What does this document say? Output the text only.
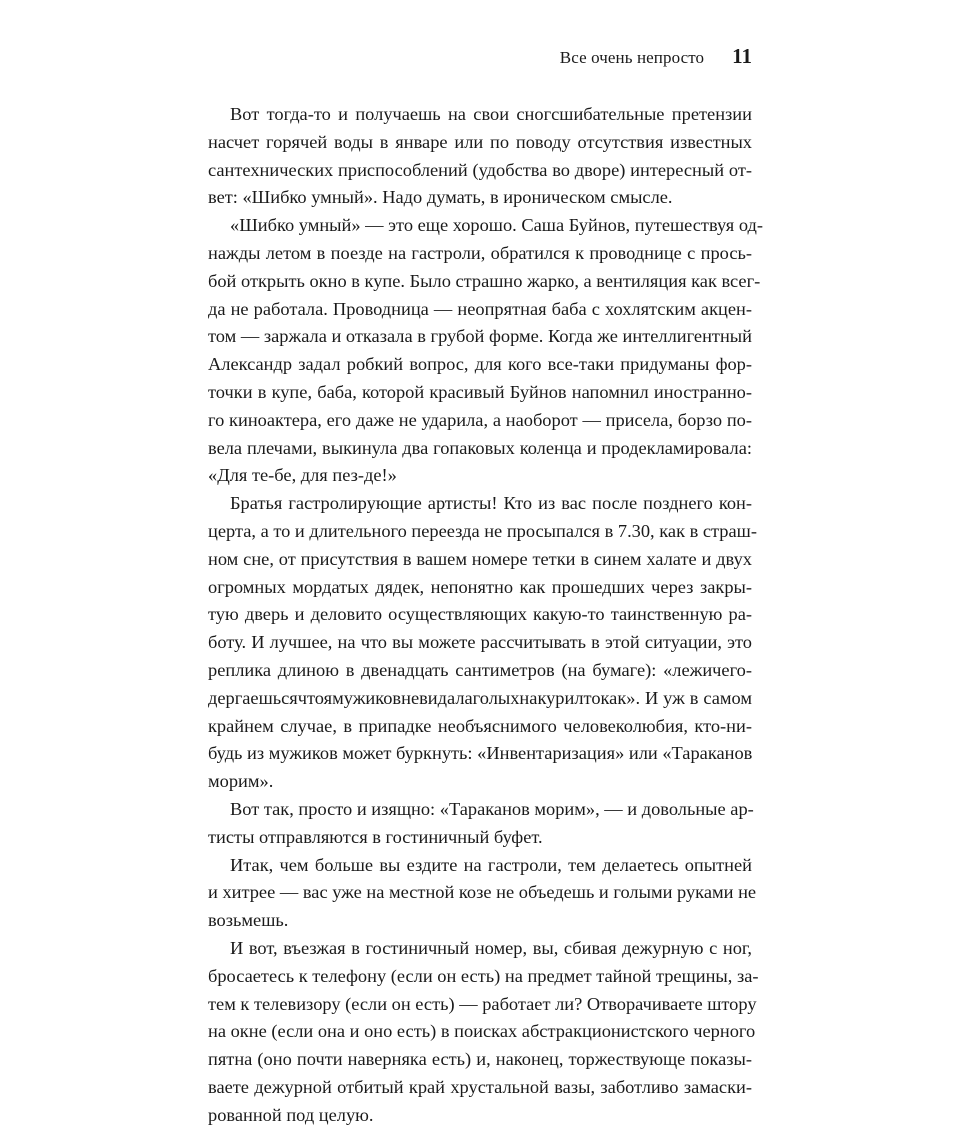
Все очень непросто 11
Вот тогда-то и получаешь на свои сногсшибательные претензии
насчет горячей воды в январе или по поводу отсутствия известных
сантехнических приспособлений (удобства во дворе) интересный от-
вет: «Шибко умный». Надо думать, в ироническом смысле.
«Шибко умный» — это еще хорошо. Саша Буйнов, путешествуя од-
нажды летом в поезде на гастроли, обратился к проводнице с прось-
бой открыть окно в купе. Было страшно жарко, а вентиляция как всег-
да не работала. Проводница — неопрятная баба с хохлятским акцен-
том — заржала и отказала в грубой форме. Когда же интеллигентный
Александр задал робкий вопрос, для кого все-таки придуманы фор-
точки в купе, баба, которой красивый Буйнов напомнил иностранно-
го киноактера, его даже не ударила, а наоборот — присела, борзо по-
вела плечами, выкинула два гопаковых коленца и продекламировала:
«Для те-бе, для пез-де!»
Братья гастролирующие артисты! Кто из вас после позднего кон-
церта, а то и длительного переезда не просыпался в 7.30, как в страш-
ном сне, от присутствия в вашем номере тетки в синем халате и двух
огромных мордатых дядек, непонятно как прошедших через закры-
тую дверь и деловито осуществляющих какую-то таинственную ра-
боту. И лучшее, на что вы можете рассчитывать в этой ситуации, это
реплика длиною в двенадцать сантиметров (на бумаге): «лежичего-
дергаешьсячтоямужиковневидалаголыхнакурилтокак». И уж в самом
крайнем случае, в припадке необъяснимого человеколюбия, кто-ни-
будь из мужиков может буркнуть: «Инвентаризация» или «Тараканов
морим».
Вот так, просто и изящно: «Тараканов морим», — и довольные ар-
тисты отправляются в гостиничный буфет.
Итак, чем больше вы ездите на гастроли, тем делаетесь опытней
и хитрее — вас уже на местной козе не объедешь и голыми руками не
возьмешь.
И вот, въезжая в гостиничный номер, вы, сбивая дежурную с ног,
бросаетесь к телефону (если он есть) на предмет тайной трещины, за-
тем к телевизору (если он есть) — работает ли? Отворачиваете штору
на окне (если она и оно есть) в поисках абстракционистского черного
пятна (оно почти наверняка есть) и, наконец, торжествующе показы-
ваете дежурной отбитый край хрустальной вазы, заботливо замаски-
рованной под целую.
